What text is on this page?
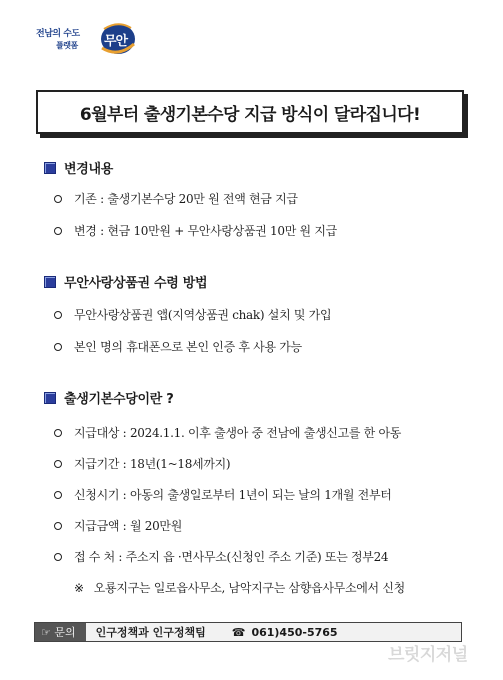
전남의 수도
플랫폼 무안
6월부터 출생기본수당 지급 방식이 달라집니다!
변경내용
기존 : 출생기본수당 20만 원 전액 현금 지급
변경 : 현금 10만원 + 무안사랑상품권 10만 원 지급
무안사랑상품권 수령 방법
무안사랑상품권 앱(지역상품권 chak) 설치 및 가입
본인 명의 휴대폰으로 본인 인증 후 사용 가능
출생기본수당이란 ?
지급대상 : 2024.1.1. 이후 출생아 중 전남에 출생신고를 한 아동
지급기간 : 18년(1~18세까지)
신청시기 : 아동의 출생일로부터 1년이 되는 날의 1개월 전부터
지급금액 : 월 20만원
접 수 처 : 주소지 읍 ·면사무소(신청인 주소 기준) 또는 정부24
※ 오룡지구는 일로읍사무소, 남악지구는 삼향읍사무소에서 신청
☞
문의 인구정책과 인구정책팀 ☎ 061)450-5765
브릿지저널
